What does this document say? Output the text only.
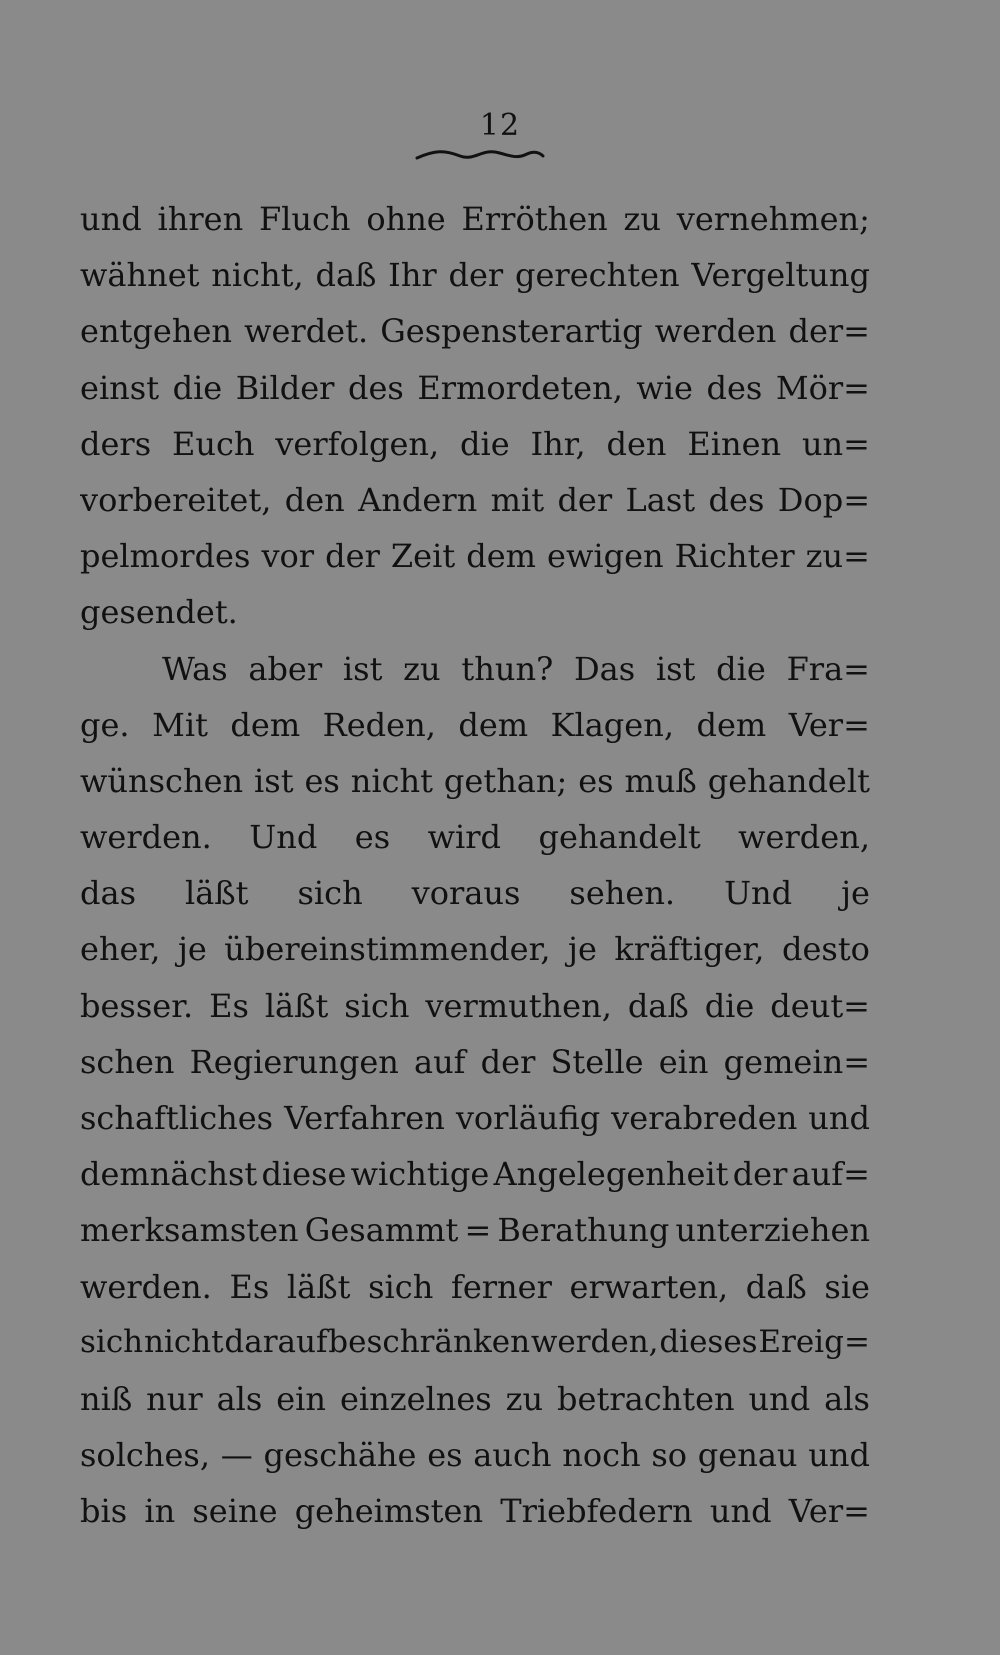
12
und ihren Fluch ohne Erröthen zu vernehmen;
wähnet nicht, daß Ihr der gerechten Vergeltung
entgehen werdet. Gespensterartig werden der=
einst die Bilder des Ermordeten, wie des Mör=
ders Euch verfolgen, die Ihr, den Einen un=
vorbereitet, den Andern mit der Last des Dop=
pelmordes vor der Zeit dem ewigen Richter zu=
gesendet.
Was aber ist zu thun? Das ist die Fra=
ge. Mit dem Reden, dem Klagen, dem Ver=
wünschen ist es nicht gethan; es muß gehandelt
werden. Und es wird gehandelt werden,
das läßt sich voraus sehen. Und je
eher, je übereinstimmender, je kräftiger, desto
besser. Es läßt sich vermuthen, daß die deut=
schen Regierungen auf der Stelle ein gemein=
schaftliches Verfahren vorläufig verabreden und
demnächst diese wichtige Angelegenheit der auf=
merksamsten Gesammt = Berathung unterziehen
werden. Es läßt sich ferner erwarten, daß sie
sich nicht darauf beschränken werden, dieses Ereig=
niß nur als ein einzelnes zu betrachten und als
solches, — geschähe es auch noch so genau und
bis in seine geheimsten Triebfedern und Ver=
